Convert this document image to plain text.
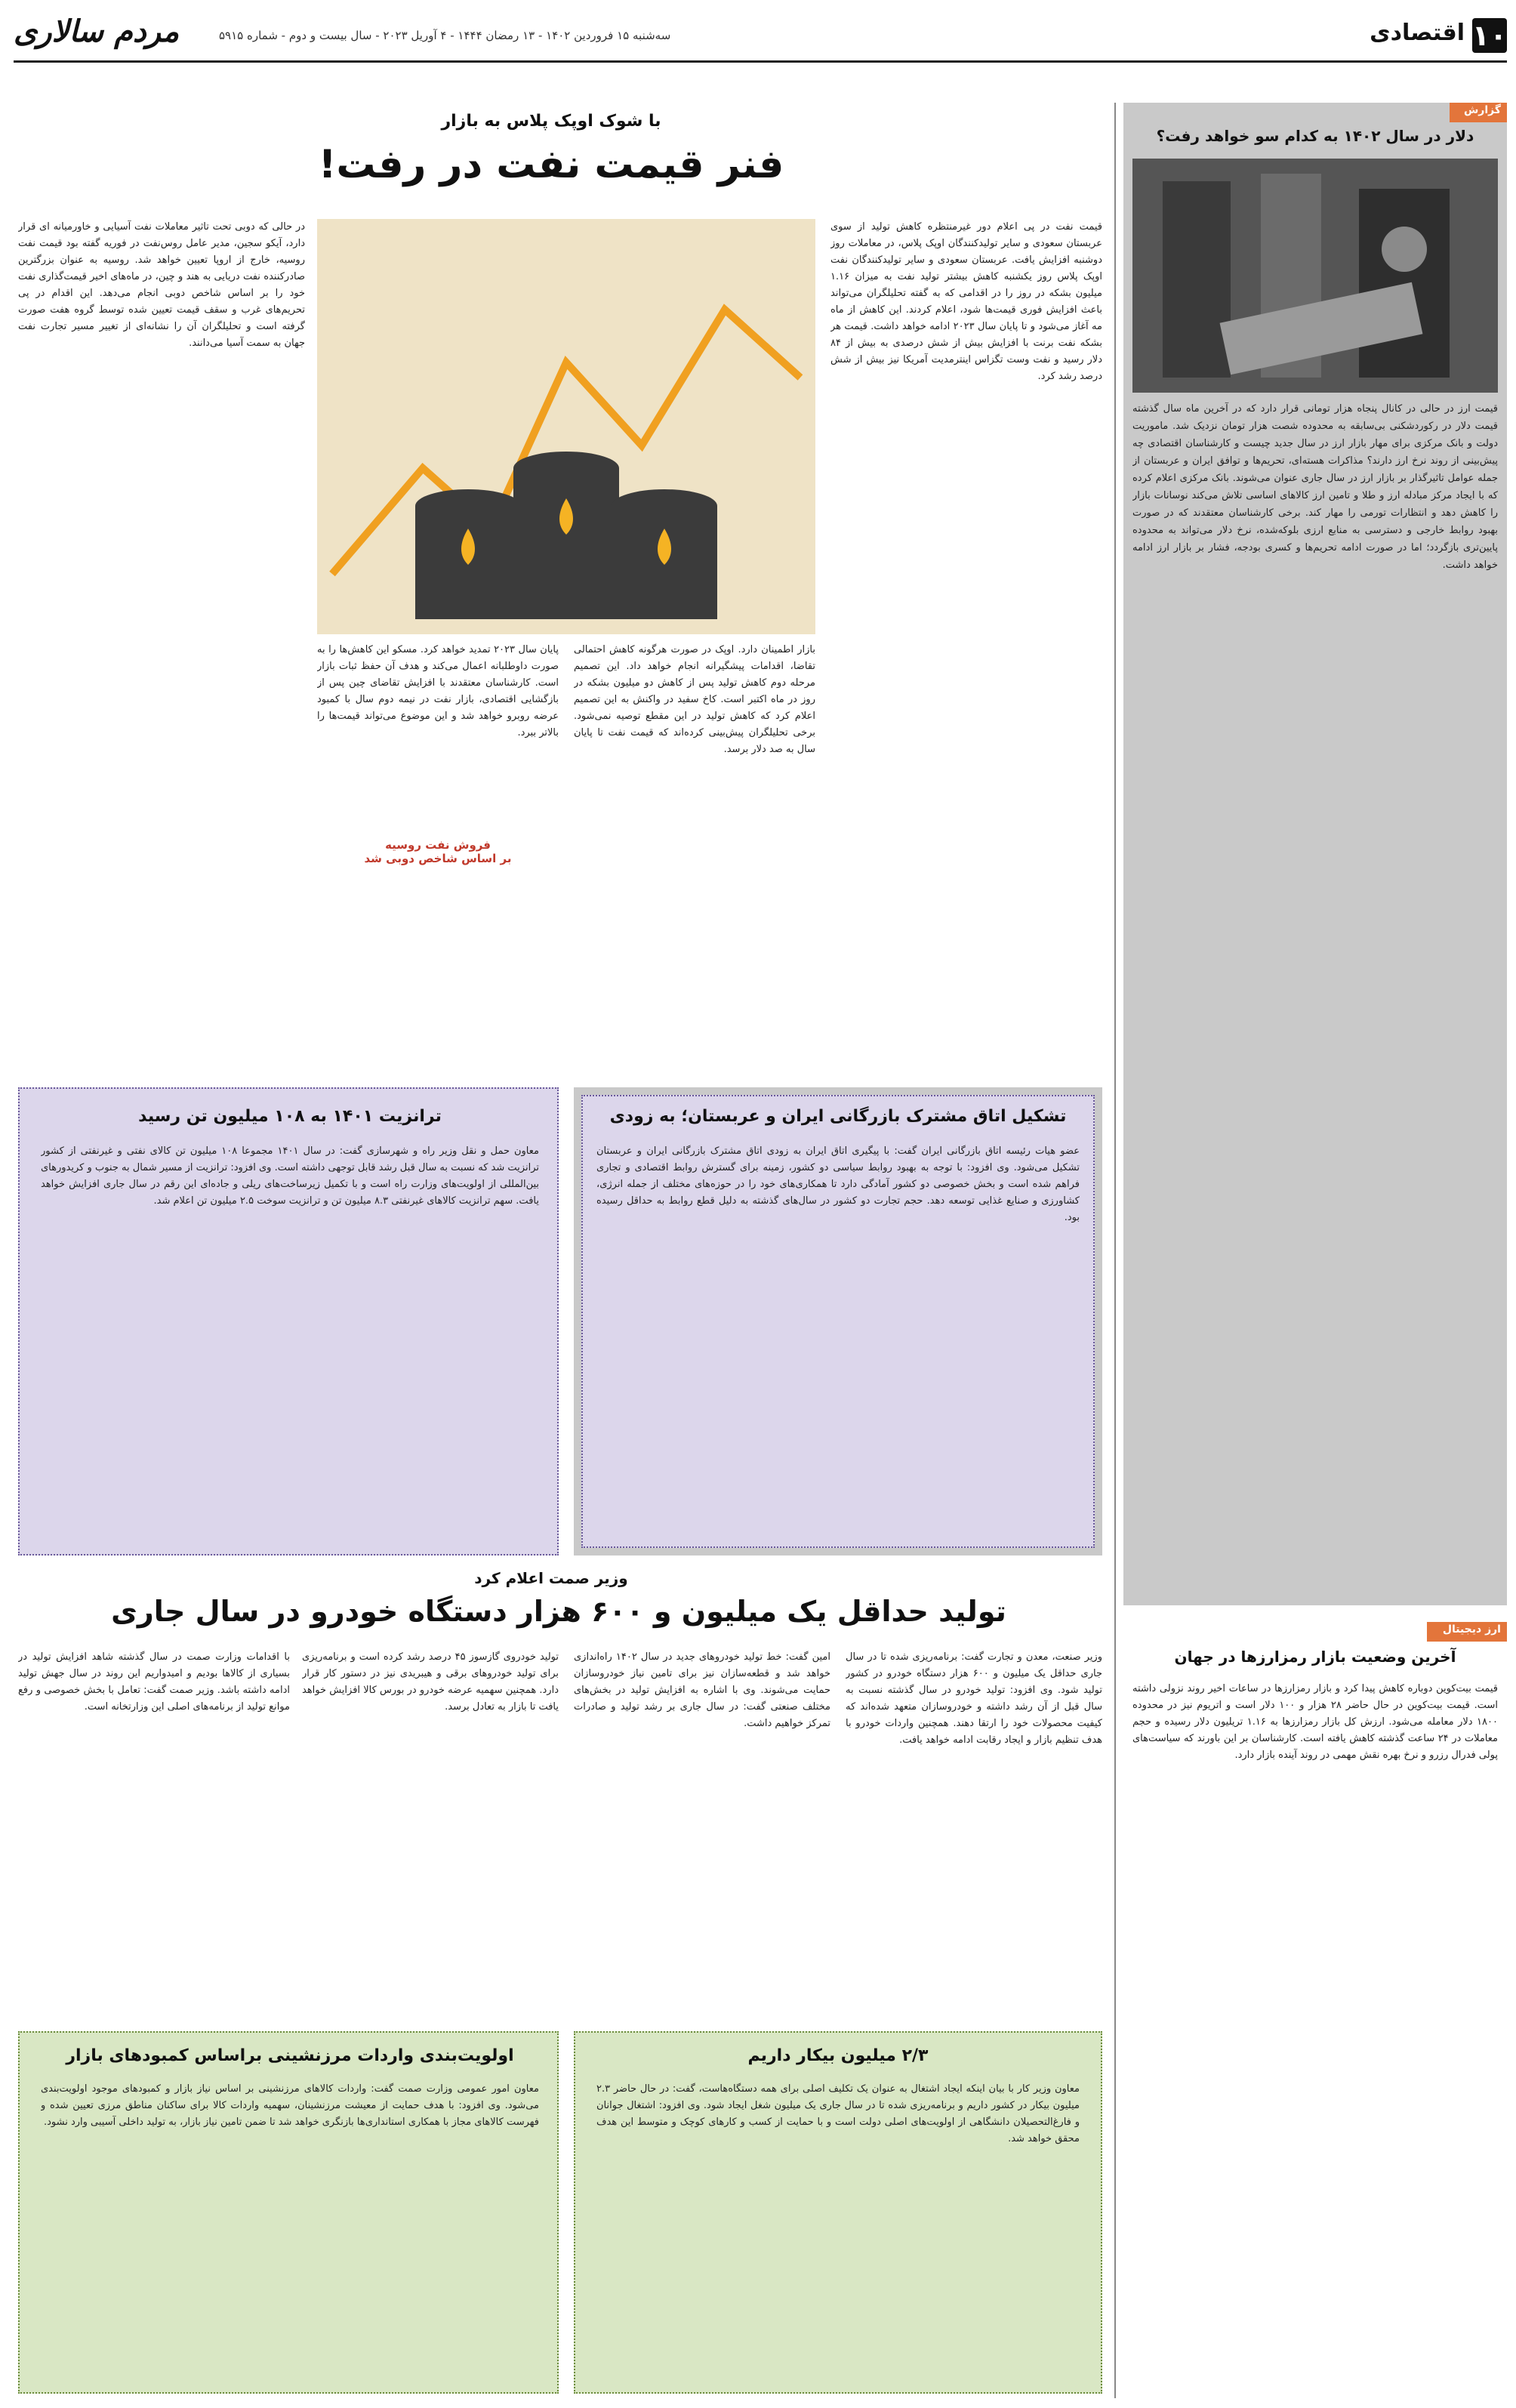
۱۰
اقتصادی
مردم سالاری	سه‌شنبه ۱۵ فروردین ۱۴۰۲ - ۱۳ رمضان ۱۴۴۴ - ۴ آوریل ۲۰۲۳ - سال بیست و دوم - شماره ۵۹۱۵
گزارش
دلار در سال ۱۴۰۲ به کدام سو خواهد رفت؟
قیمت ارز در حالی در کانال پنجاه هزار تومانی قرار دارد که در آخرین ماه سال گذشته قیمت دلار در رکوردشکنی بی‌سابقه به محدوده شصت هزار تومان نزدیک شد. ماموریت دولت و بانک مرکزی برای مهار بازار ارز در سال جدید چیست و کارشناسان اقتصادی چه پیش‌بینی از روند نرخ ارز دارند؟ مذاکرات هسته‌ای، تحریم‌ها و توافق ایران و عربستان از جمله عوامل تاثیرگذار بر بازار ارز در سال جاری عنوان می‌شوند. بانک مرکزی اعلام کرده که با ایجاد مرکز مبادله ارز و طلا و تامین ارز کالاهای اساسی تلاش می‌کند نوسانات بازار را کاهش دهد و انتظارات تورمی را مهار کند. برخی کارشناسان معتقدند که در صورت بهبود روابط خارجی و دسترسی به منابع ارزی بلوکه‌شده، نرخ دلار می‌تواند به محدوده پایین‌تری بازگردد؛ اما در صورت ادامه تحریم‌ها و کسری بودجه، فشار بر بازار ارز ادامه خواهد داشت.
ارز دیجیتال
آخرین وضعیت بازار رمزارزها در جهان
قیمت بیت‌کوین دوباره کاهش پیدا کرد و بازار رمزارزها در ساعات اخیر روند نزولی داشته است. قیمت بیت‌کوین در حال حاضر ۲۸ هزار و ۱۰۰ دلار است و اتریوم نیز در محدوده ۱۸۰۰ دلار معامله می‌شود. ارزش کل بازار رمزارزها به ۱.۱۶ تریلیون دلار رسیده و حجم معاملات در ۲۴ ساعت گذشته کاهش یافته است. کارشناسان بر این باورند که سیاست‌های پولی فدرال رزرو و نرخ بهره نقش مهمی در روند آینده بازار دارد.
با شوک اوپک پلاس به بازار
فنر قیمت نفت در رفت!
قیمت نفت در پی اعلام دور غیرمنتظره کاهش تولید از سوی عربستان سعودی و سایر تولیدکنندگان اوپک پلاس، در معاملات روز دوشنبه افزایش یافت. عربستان سعودی و سایر تولیدکنندگان نفت اوپک پلاس روز یکشنبه کاهش بیشتر تولید نفت به میزان ۱.۱۶ میلیون بشکه در روز را در اقدامی که به گفته تحلیلگران می‌تواند باعث افزایش فوری قیمت‌ها شود، اعلام کردند. این کاهش از ماه مه آغاز می‌شود و تا پایان سال ۲۰۲۳ ادامه خواهد داشت. قیمت هر بشکه نفت برنت با افزایش بیش از شش درصدی به بیش از ۸۴ دلار رسید و نفت وست تگزاس اینترمدیت آمریکا نیز بیش از شش درصد رشد کرد.
در حالی که دوبی تحت تاثیر معاملات نفت آسیایی و خاورمیانه ای قرار دارد، آیکو سجین، مدیر عامل روس‌نفت در فوریه گفته بود قیمت نفت روسیه، خارج از اروپا تعیین خواهد شد. روسیه به عنوان بزرگترین صادرکننده نفت دریایی به هند و چین، در ماه‌های اخیر قیمت‌گذاری نفت خود را بر اساس شاخص دوبی انجام می‌دهد. این اقدام در پی تحریم‌های غرب و سقف قیمت تعیین شده توسط گروه هفت صورت گرفته است و تحلیلگران آن را نشانه‌ای از تغییر مسیر تجارت نفت جهان به سمت آسیا می‌دانند.
بازار اطمینان دارد. اوپک در صورت هرگونه کاهش احتمالی تقاضا، اقدامات پیشگیرانه انجام خواهد داد. این تصمیم مرحله دوم کاهش تولید پس از کاهش دو میلیون بشکه در روز در ماه اکتبر است. کاخ سفید در واکنش به این تصمیم اعلام کرد که کاهش تولید در این مقطع توصیه نمی‌شود. برخی تحلیلگران پیش‌بینی کرده‌اند که قیمت نفت تا پایان سال به صد دلار برسد.
پایان سال ۲۰۲۳ تمدید خواهد کرد. مسکو این کاهش‌ها را به صورت داوطلبانه اعمال می‌کند و هدف آن حفظ ثبات بازار است. کارشناسان معتقدند با افزایش تقاضای چین پس از بازگشایی اقتصادی، بازار نفت در نیمه دوم سال با کمبود عرضه روبرو خواهد شد و این موضوع می‌تواند قیمت‌ها را بالاتر ببرد.
فروش نفت روسیه
بر اساس شاخص دوبی شد
تشکیل اتاق مشترک بازرگانی ایران و عربستان؛ به زودی
عضو هیات رئیسه اتاق بازرگانی ایران گفت: با پیگیری اتاق ایران به زودی اتاق مشترک بازرگانی ایران و عربستان تشکیل می‌شود. وی افزود: با توجه به بهبود روابط سیاسی دو کشور، زمینه برای گسترش روابط اقتصادی و تجاری فراهم شده است و بخش خصوصی دو کشور آمادگی دارد تا همکاری‌های خود را در حوزه‌های مختلف از جمله انرژی، کشاورزی و صنایع غذایی توسعه دهد. حجم تجارت دو کشور در سال‌های گذشته به دلیل قطع روابط به حداقل رسیده بود.
ترانزیت ۱۴۰۱ به ۱۰۸ میلیون تن رسید
معاون حمل و نقل وزیر راه و شهرسازی گفت: در سال ۱۴۰۱ مجموعا ۱۰۸ میلیون تن کالای نفتی و غیرنفتی از کشور ترانزیت شد که نسبت به سال قبل رشد قابل توجهی داشته است. وی افزود: ترانزیت از مسیر شمال به جنوب و کریدورهای بین‌المللی از اولویت‌های وزارت راه است و با تکمیل زیرساخت‌های ریلی و جاده‌ای این رقم در سال جاری افزایش خواهد یافت. سهم ترانزیت کالاهای غیرنفتی ۸.۳ میلیون تن و ترانزیت سوخت ۲.۵ میلیون تن اعلام شد.
وزیر صمت اعلام کرد
تولید حداقل یک میلیون و ۶۰۰ هزار دستگاه خودرو در سال جاری
وزیر صنعت، معدن و تجارت گفت: برنامه‌ریزی شده تا در سال جاری حداقل یک میلیون و ۶۰۰ هزار دستگاه خودرو در کشور تولید شود. وی افزود: تولید خودرو در سال گذشته نسبت به سال قبل از آن رشد داشته و خودروسازان متعهد شده‌اند که کیفیت محصولات خود را ارتقا دهند. همچنین واردات خودرو با هدف تنظیم بازار و ایجاد رقابت ادامه خواهد یافت.
امین گفت: خط تولید خودروهای جدید در سال ۱۴۰۲ راه‌اندازی خواهد شد و قطعه‌سازان نیز برای تامین نیاز خودروسازان حمایت می‌شوند. وی با اشاره به افزایش تولید در بخش‌های مختلف صنعتی گفت: در سال جاری بر رشد تولید و صادرات تمرکز خواهیم داشت.
تولید خودروی گازسوز ۴۵ درصد رشد کرده است و برنامه‌ریزی برای تولید خودروهای برقی و هیبریدی نیز در دستور کار قرار دارد. همچنین سهمیه عرضه خودرو در بورس کالا افزایش خواهد یافت تا بازار به تعادل برسد.
با اقدامات وزارت صمت در سال گذشته شاهد افزایش تولید در بسیاری از کالاها بودیم و امیدواریم این روند در سال جهش تولید ادامه داشته باشد. وزیر صمت گفت: تعامل با بخش خصوصی و رفع موانع تولید از برنامه‌های اصلی این وزارتخانه است.
۲/۳ میلیون بیکار داریم
معاون وزیر کار با بیان اینکه ایجاد اشتغال به عنوان یک تکلیف اصلی برای همه دستگاه‌هاست، گفت: در حال حاضر ۲.۳ میلیون بیکار در کشور داریم و برنامه‌ریزی شده تا در سال جاری یک میلیون شغل ایجاد شود. وی افزود: اشتغال جوانان و فارغ‌التحصیلان دانشگاهی از اولویت‌های اصلی دولت است و با حمایت از کسب و کارهای کوچک و متوسط این هدف محقق خواهد شد.
اولویت‌بندی واردات مرزنشینی براساس کمبودهای بازار
معاون امور عمومی وزارت صمت گفت: واردات کالاهای مرزنشینی بر اساس نیاز بازار و کمبودهای موجود اولویت‌بندی می‌شود. وی افزود: با هدف حمایت از معیشت مرزنشینان، سهمیه واردات کالا برای ساکنان مناطق مرزی تعیین شده و فهرست کالاهای مجاز با همکاری استانداری‌ها بازنگری خواهد شد تا ضمن تامین نیاز بازار، به تولید داخلی آسیبی وارد نشود.
